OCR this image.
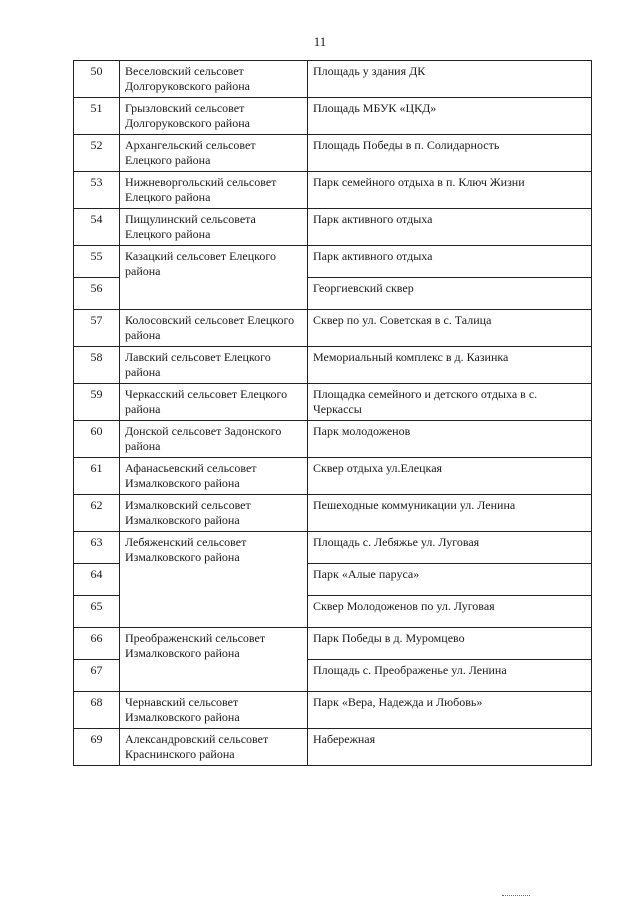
11
50	Веселовский сельсовет Долгоруковского района	Площадь у здания ДК
51	Грызловский сельсовет Долгоруковского района	Площадь МБУК «ЦКД»
52	Архангельский сельсовет Елецкого района	Площадь Победы в п. Солидарность
53	Нижневоргольский сельсовет Елецкого района	Парк семейного отдыха в п. Ключ Жизни
54	Пищулинский сельсовета Елецкого района	Парк активного отдыха
55	Казацкий сельсовет Елецкого района	Парк активного отдыха
56		Георгиевский сквер
57	Колосовский сельсовет Елецкого района	Сквер по ул. Советская в с. Талица
58	Лавский сельсовет Елецкого района	Мемориальный комплекс в д. Казинка
59	Черкасский сельсовет Елецкого района	Площадка семейного и детского отдыха в с. Черкассы
60	Донской сельсовет Задонского района	Парк молодоженов
61	Афанасьевский сельсовет Измалковского района	Сквер отдыха ул.Елецкая
62	Измалковский сельсовет Измалковского района	Пешеходные коммуникации ул. Ленина
63	Лебяженский сельсовет Измалковского района	Площадь с. Лебяжье ул. Луговая
64		Парк «Алые паруса»
65		Сквер Молодоженов по ул. Луговая
66	Преображенский сельсовет Измалковского района	Парк Победы в д. Муромцево
67		Площадь с. Преображенье ул. Ленина
68	Чернавский сельсовет Измалковского района	Парк «Вера, Надежда и Любовь»
69	Александровский сельсовет Краснинского района	Набережная
